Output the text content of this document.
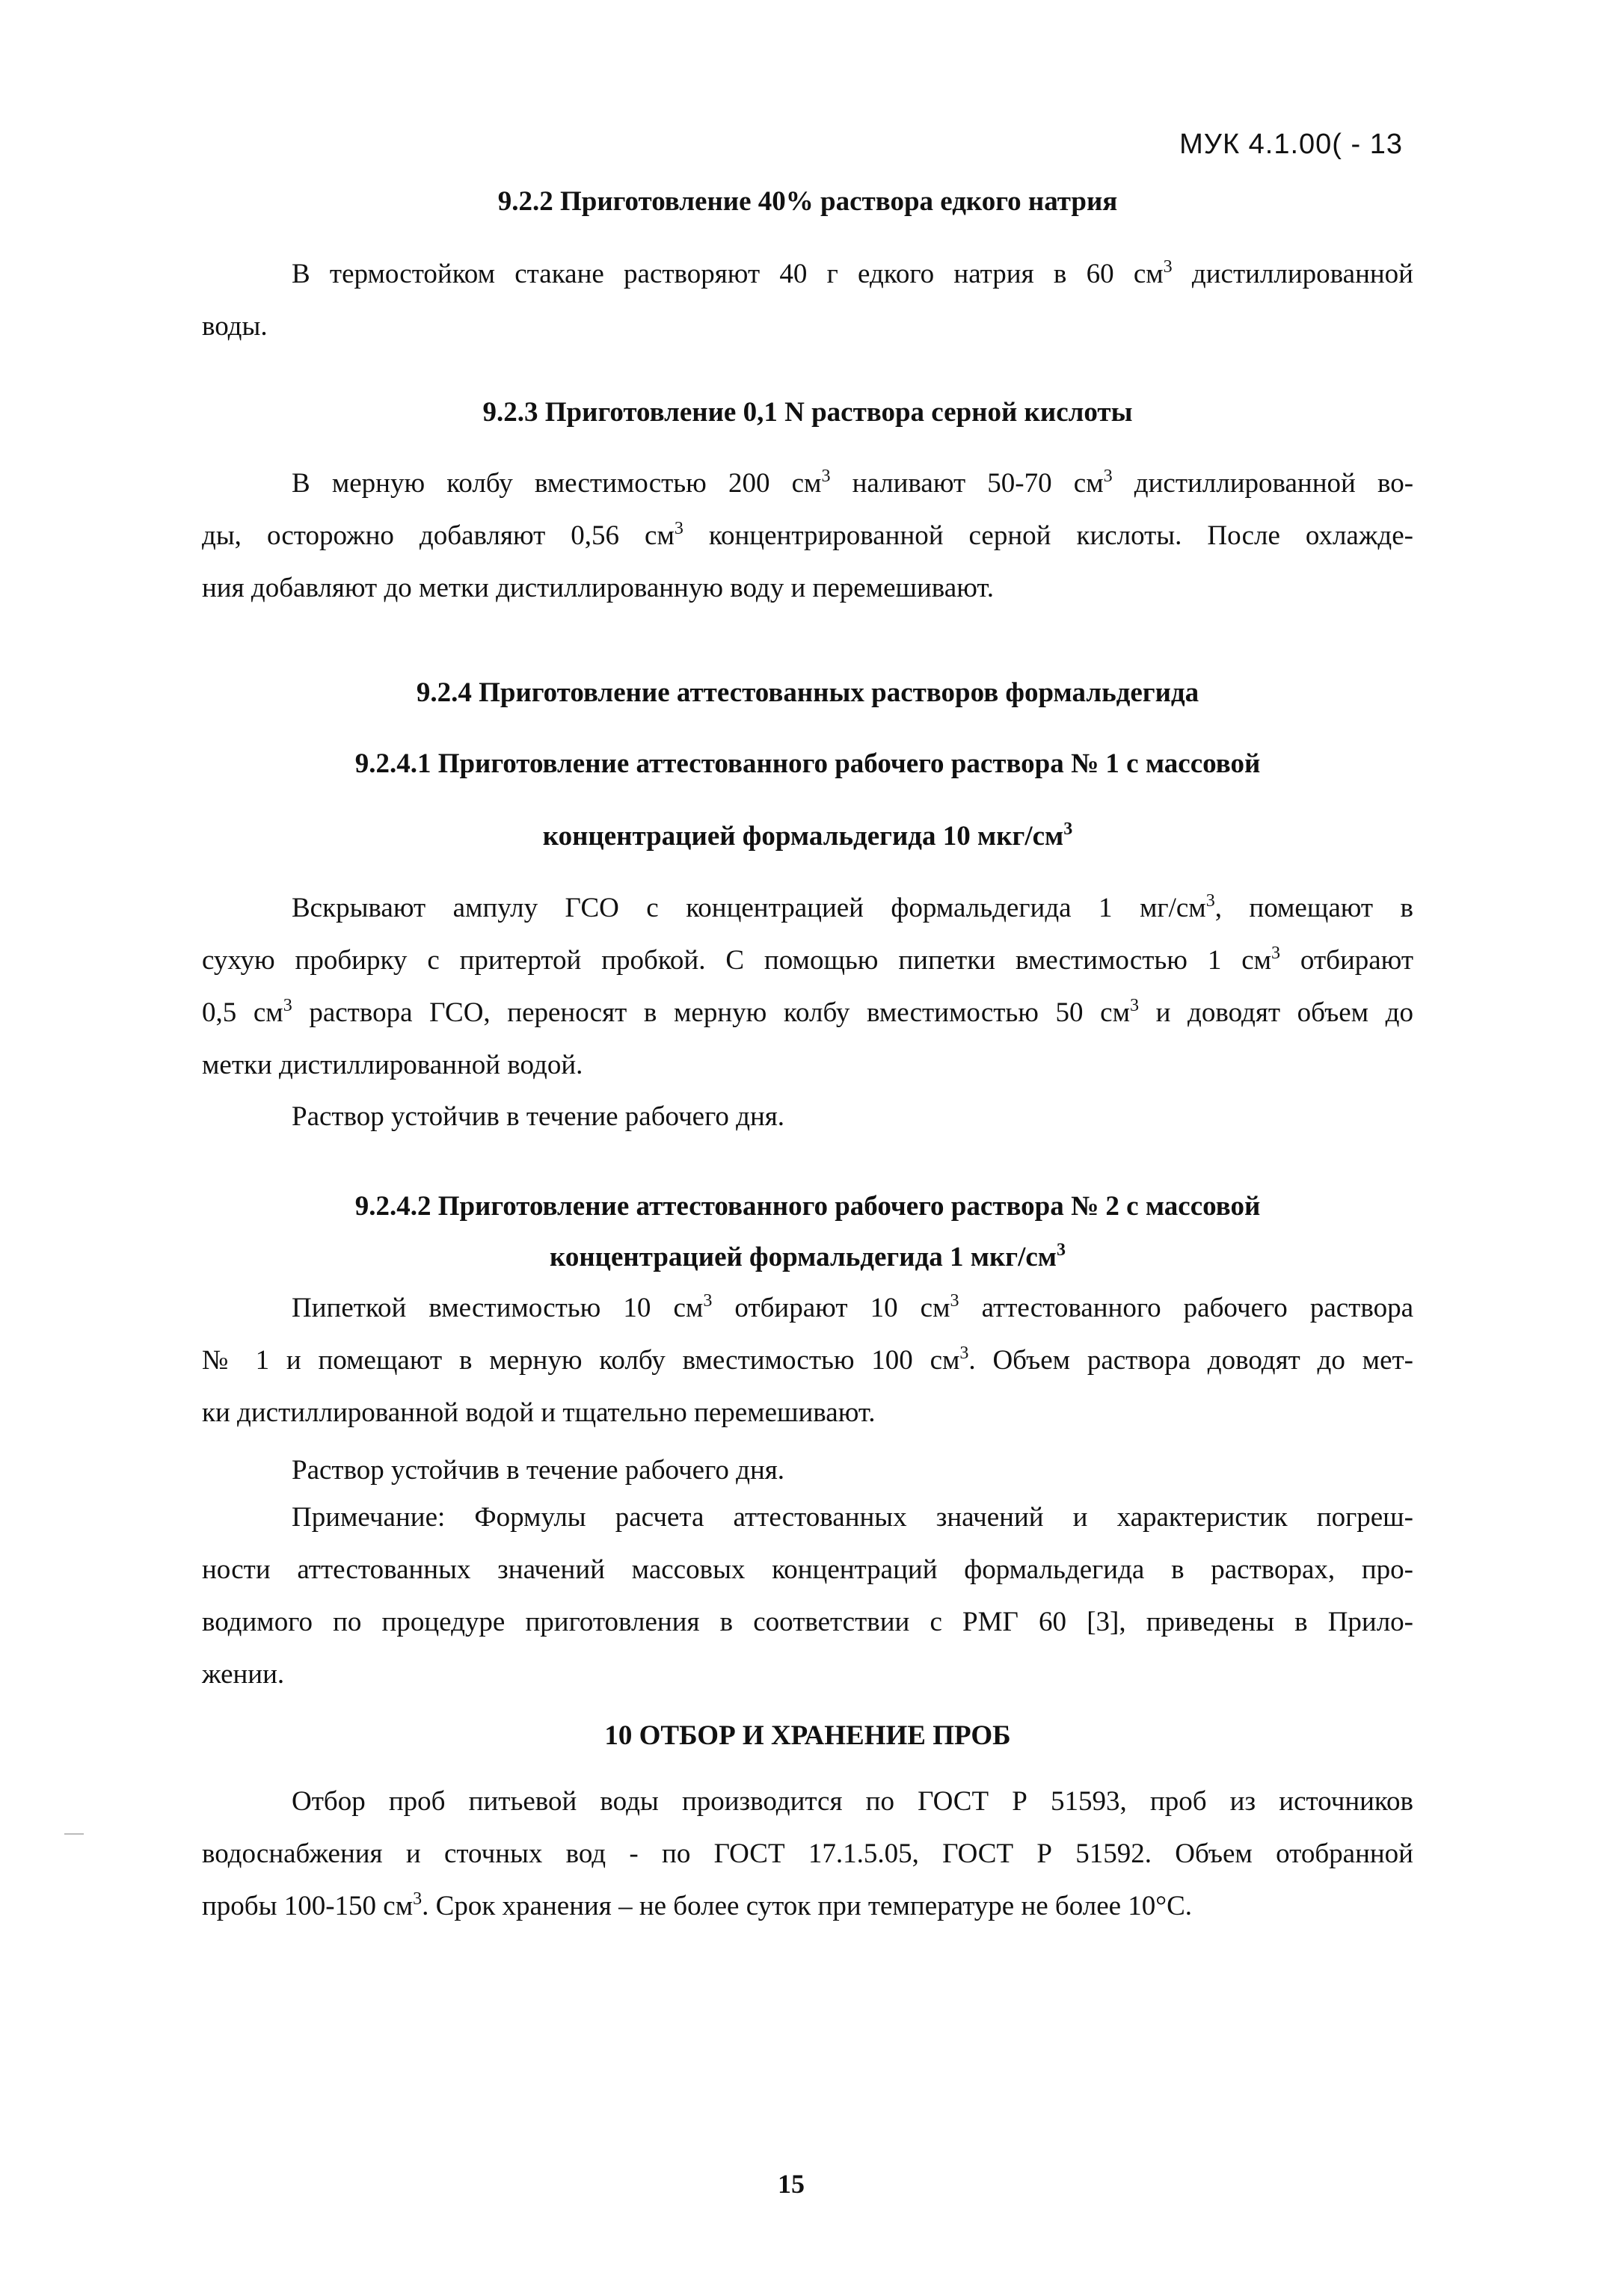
МУК 4.1.00( - 13
9.2.2 Приготовление 40% раствора едкого натрия
В термостойком стакане растворяют 40 г едкого натрия в 60 $см^3$ дистиллированной
воды.
9.2.3 Приготовление 0,1 N раствора серной кислоты
В мерную колбу вместимостью 200 $см^3$ наливают 50-70 $см^3$ дистиллированной во-
ды, осторожно добавляют 0,56 $см^3$ концентрированной серной кислоты. После охлажде-
ния добавляют до метки дистиллированную воду и перемешивают.
9.2.4 Приготовление аттестованных растворов формальдегида
9.2.4.1 Приготовление аттестованного рабочего раствора № 1 с массовой
концентрацией формальдегида 10 мкг/$см^3$
Вскрывают ампулу ГСО с концентрацией формальдегида 1 $мг/см^3$, помещают в
сухую пробирку с притертой пробкой. С помощью пипетки вместимостью 1 $см^3$ отбирают
0,5 $см^3$ раствора ГСО, переносят в мерную колбу вместимостью 50 $см^3$ и доводят объем до
метки дистиллированной водой.
Раствор устойчив в течение рабочего дня.
9.2.4.2 Приготовление аттестованного рабочего раствора № 2 с массовой
концентрацией формальдегида 1 мкг/$см^3$
Пипеткой вместимостью 10 $см^3$ отбирают 10 $см^3$ аттестованного рабочего раствора
№ 1 и помещают в мерную колбу вместимостью 100 $см^3$. Объем раствора доводят до мет-
ки дистиллированной водой и тщательно перемешивают.
Раствор устойчив в течение рабочего дня.
Примечание: Формулы расчета аттестованных значений и характеристик погреш-
ности аттестованных значений массовых концентраций формальдегида в растворах, про-
водимого по процедуре приготовления в соответствии с РМГ 60 [3], приведены в Прило-
жении.
10 ОТБОР И ХРАНЕНИЕ ПРОБ
Отбор проб питьевой воды производится по ГОСТ Р 51593, проб из источников
водоснабжения и сточных вод - по ГОСТ 17.1.5.05, ГОСТ Р 51592. Объем отобранной
пробы 100-150 $см^3$. Срок хранения – не более суток при температуре не более 10°С.
15
